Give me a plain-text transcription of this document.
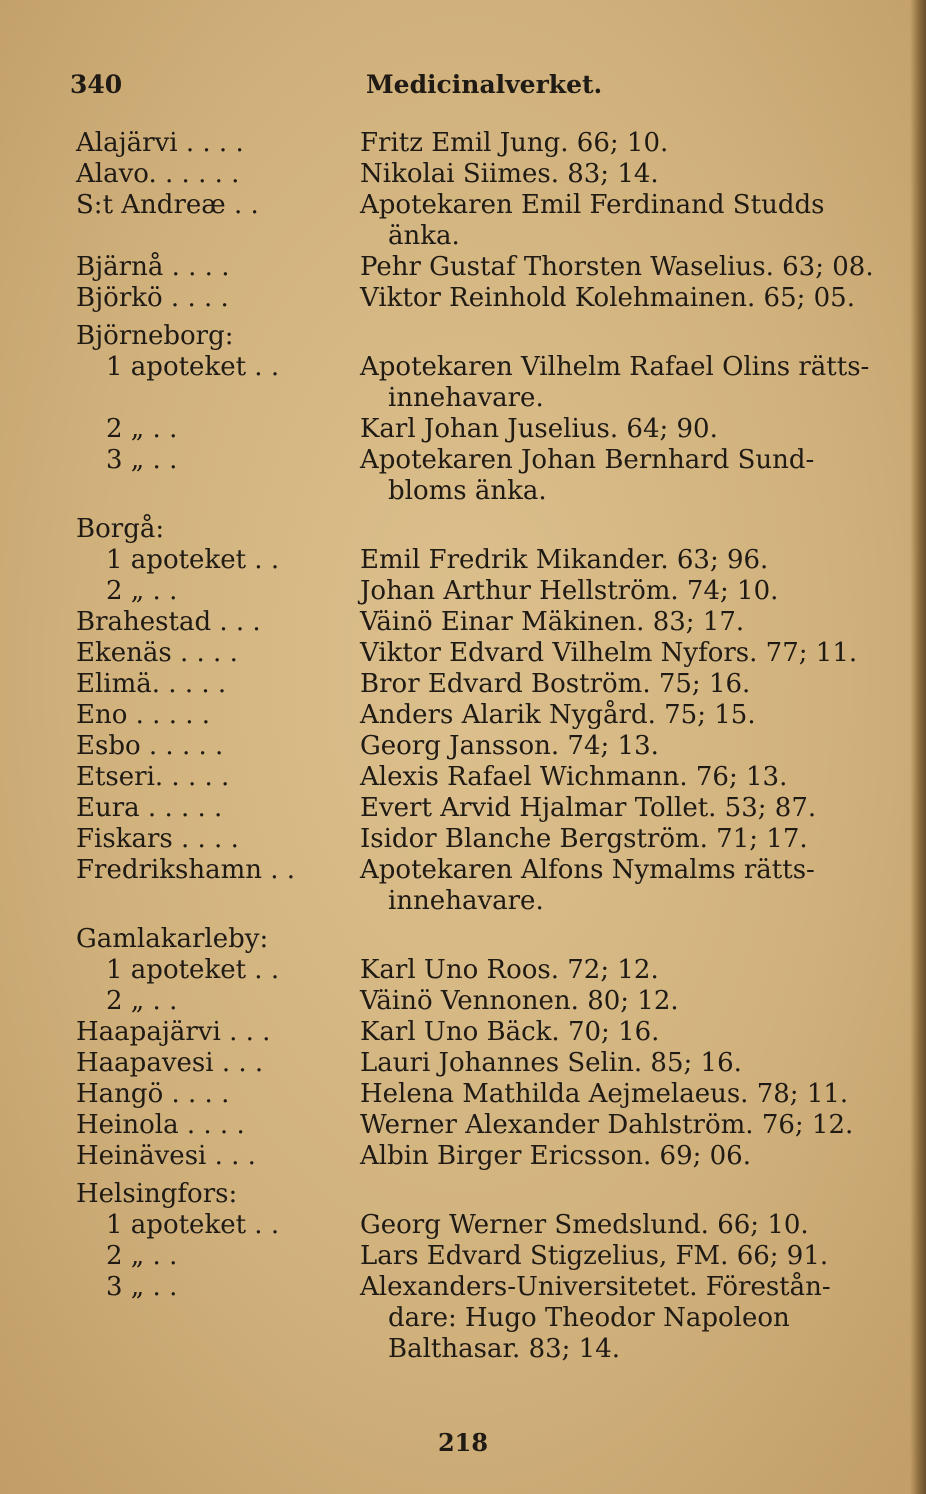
340	Medicinalverket.
Alajärvi . . . .	Fritz Emil Jung. 66; 10.
Alavo. . . . . .	Nikolai Siimes. 83; 14.
S:t Andreæ . .	Apotekaren Emil Ferdinand Studds
änka.
Bjärnå . . . .	Pehr Gustaf Thorsten Waselius. 63; 08.
Björkö . . . .	Viktor Reinhold Kolehmainen. 65; 05.
Björneborg:
1 apoteket . .	Apotekaren Vilhelm Rafael Olins rätts-
innehavare.
2 „ . .	Karl Johan Juselius. 64; 90.
3 „ . .	Apotekaren Johan Bernhard Sund-
bloms änka.
Borgå:
1 apoteket . .	Emil Fredrik Mikander. 63; 96.
2 „ . .	Johan Arthur Hellström. 74; 10.
Brahestad . . .	Väinö Einar Mäkinen. 83; 17.
Ekenäs . . . .	Viktor Edvard Vilhelm Nyfors. 77; 11.
Elimä. . . . .	Bror Edvard Boström. 75; 16.
Eno . . . . .	Anders Alarik Nygård. 75; 15.
Esbo . . . . .	Georg Jansson. 74; 13.
Etseri. . . . .	Alexis Rafael Wichmann. 76; 13.
Eura . . . . .	Evert Arvid Hjalmar Tollet. 53; 87.
Fiskars . . . .	Isidor Blanche Bergström. 71; 17.
Fredrikshamn . .	Apotekaren Alfons Nymalms rätts-
innehavare.
Gamlakarleby:
1 apoteket . .	Karl Uno Roos. 72; 12.
2 „ . .	Väinö Vennonen. 80; 12.
Haapajärvi . . .	Karl Uno Bäck. 70; 16.
Haapavesi . . .	Lauri Johannes Selin. 85; 16.
Hangö . . . .	Helena Mathilda Aejmelaeus. 78; 11.
Heinola . . . .	Werner Alexander Dahlström. 76; 12.
Heinävesi . . .	Albin Birger Ericsson. 69; 06.
Helsingfors:
1 apoteket . .	Georg Werner Smedslund. 66; 10.
2 „ . .	Lars Edvard Stigzelius, FM. 66; 91.
3 „ . .	Alexanders-Universitetet. Förestån-
dare: Hugo Theodor Napoleon
Balthasar. 83; 14.
218
